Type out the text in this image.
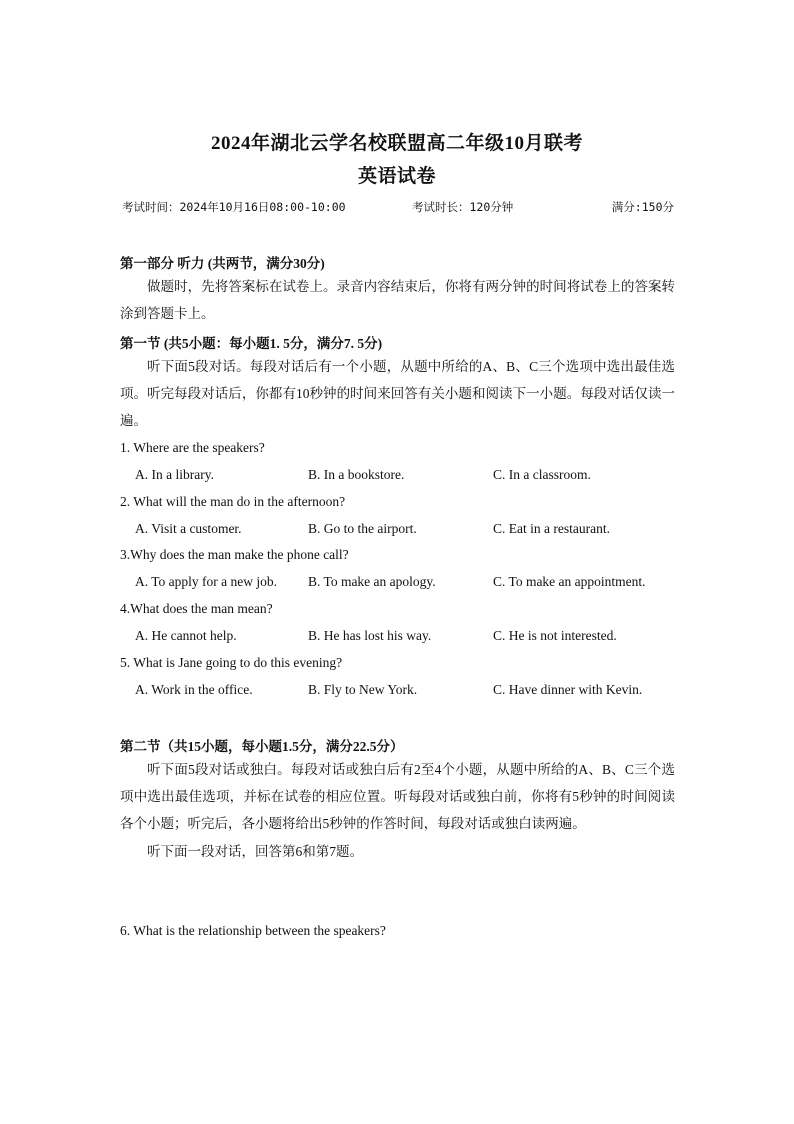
2024年湖北云学名校联盟高二年级10月联考
英语试卷
考试时间：2024年10月16日08:00-10:00	考试时长：120分钟	满分:150分
第一部分 听力 (共两节，满分30分)
做题时，先将答案标在试卷上。录音内容结束后，你将有两分钟的时间将试卷上的答案转涂到答题卡上。
第一节 (共5小题：每小题1. 5分，满分7. 5分)
听下面5段对话。每段对话后有一个小题，从题中所给的A、B、C三个选项中选出最佳选项。听完每段对话后，你都有10秒钟的时间来回答有关小题和阅读下一小题。每段对话仅读一遍。
1. Where are the speakers?
A. In a library.	B. In a bookstore.	C. In a classroom.
2. What will the man do in the afternoon?
A. Visit a customer.	B. Go to the airport.	C. Eat in a restaurant.
3.Why does the man make the phone call?
A. To apply for a new job. B. To make an apology.	C. To make an appointment.
4.What does the man mean?
A. He cannot help.	B. He has lost his way.	C. He is not interested.
5. What is Jane going to do this evening?
A. Work in the office.	B. Fly to New York.	C. Have dinner with Kevin.
第二节（共15小题，每小题1.5分，满分22.5分）
听下面5段对话或独白。每段对话或独白后有2至4个小题，从题中所给的A、B、C三个选项中选出最佳选项，并标在试卷的相应位置。听每段对话或独白前，你将有5秒钟的时间阅读各个小题；听完后，各小题将给出5秒钟的作答时间，每段对话或独白读两遍。
听下面一段对话，回答第6和第7题。
6. What is the relationship between the speakers?
